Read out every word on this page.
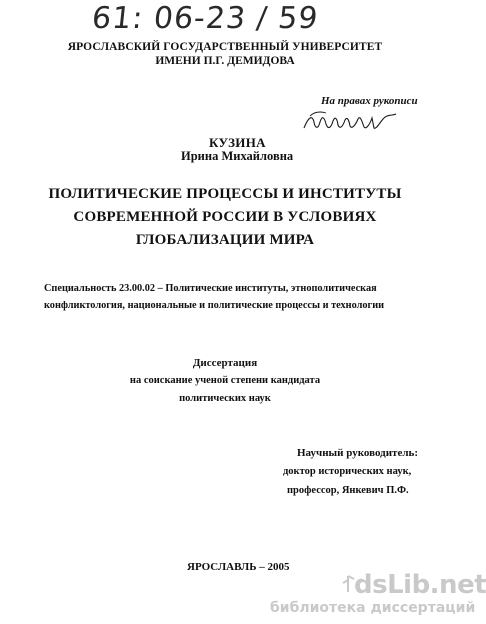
61: 06-23 / 59
ЯРОСЛАВСКИЙ ГОСУДАРСТВЕННЫЙ УНИВЕРСИТЕТ
ИМЕНИ П.Г. ДЕМИДОВА
На правах рукописи
КУЗИНА
Ирина Михайловна
ПОЛИТИЧЕСКИЕ ПРОЦЕССЫ И ИНСТИТУТЫ
СОВРЕМЕННОЙ РОССИИ В УСЛОВИЯХ
ГЛОБАЛИЗАЦИИ МИРА
Специальность 23.00.02 – Политические институты, этнополитическая
конфликтология, национальные и политические процессы и технологии
Диссертация
на соискание ученой степени кандидата
политических наук
Научный руководитель:
доктор исторических наук,
профессор, Янкевич П.Ф.
ЯРОСЛАВЛЬ – 2005
dsLib.net
библиотека диссертаций
